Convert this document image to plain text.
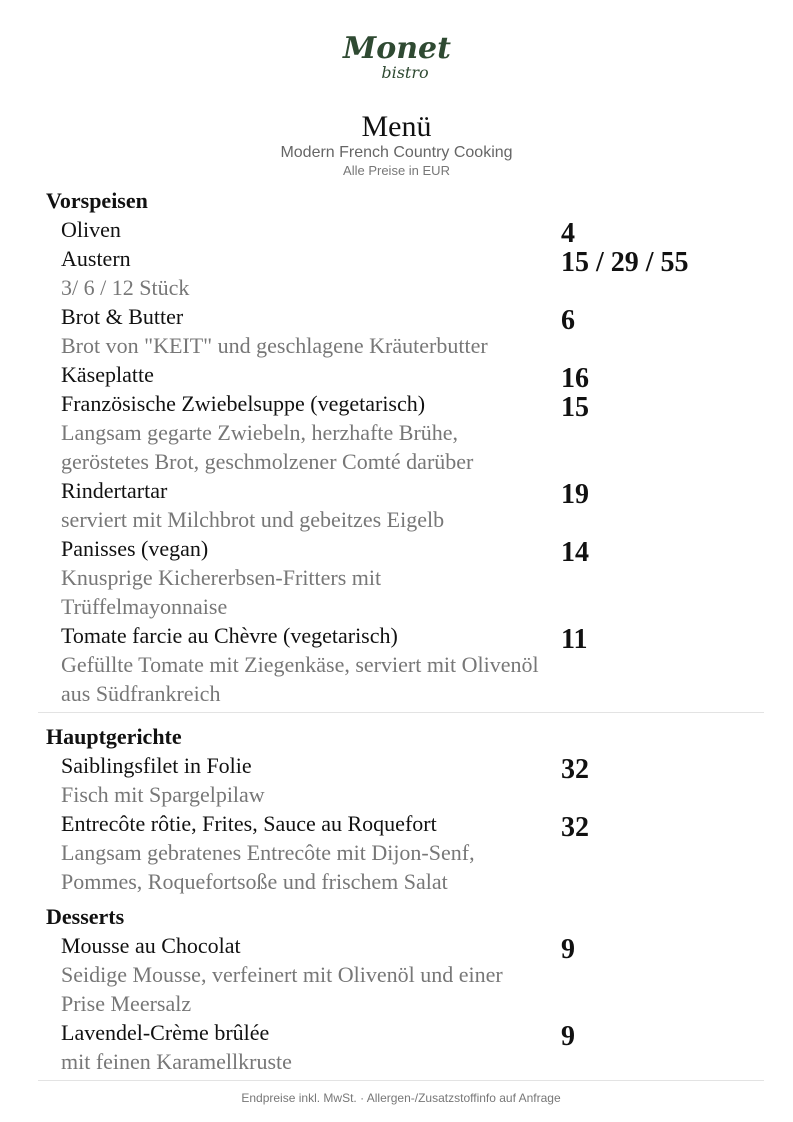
Monet
bistro
Menü
Modern French Country Cooking
Alle Preise in EUR
Vorspeisen
Oliven	4
Austern
3/ 6 / 12 Stück
15 / 29 / 55
Brot & Butter
Brot von "KEIT" und geschlagene Kräuterbutter
6
Käseplatte	16
Französische Zwiebelsuppe (vegetarisch)
Langsam gegarte Zwiebeln, herzhafte Brühe, geröstetes Brot, geschmolzener Comté darüber
15
Rindertartar
serviert mit Milchbrot und gebeitzes Eigelb
19
Panisses (vegan)
Knusprige Kichererbsen-Fritters mit Trüffelmayonnaise
14
Tomate farcie au Chèvre (vegetarisch)
Gefüllte Tomate mit Ziegenkäse, serviert mit Olivenöl aus Südfrankreich
11
Hauptgerichte
Saiblingsfilet in Folie
Fisch mit Spargelpilaw
32
Entrecôte rôtie, Frites, Sauce au Roquefort
Langsam gebratenes Entrecôte mit Dijon-Senf, Pommes, Roquefortsoße und frischem Salat
32
Desserts
Mousse au Chocolat
Seidige Mousse, verfeinert mit Olivenöl und einer Prise Meersalz
9
Lavendel-Crème brûlée
mit feinen Karamellkruste
9
Endpreise inkl. MwSt. · Allergen-/Zusatzstoffinfo auf Anfrage
